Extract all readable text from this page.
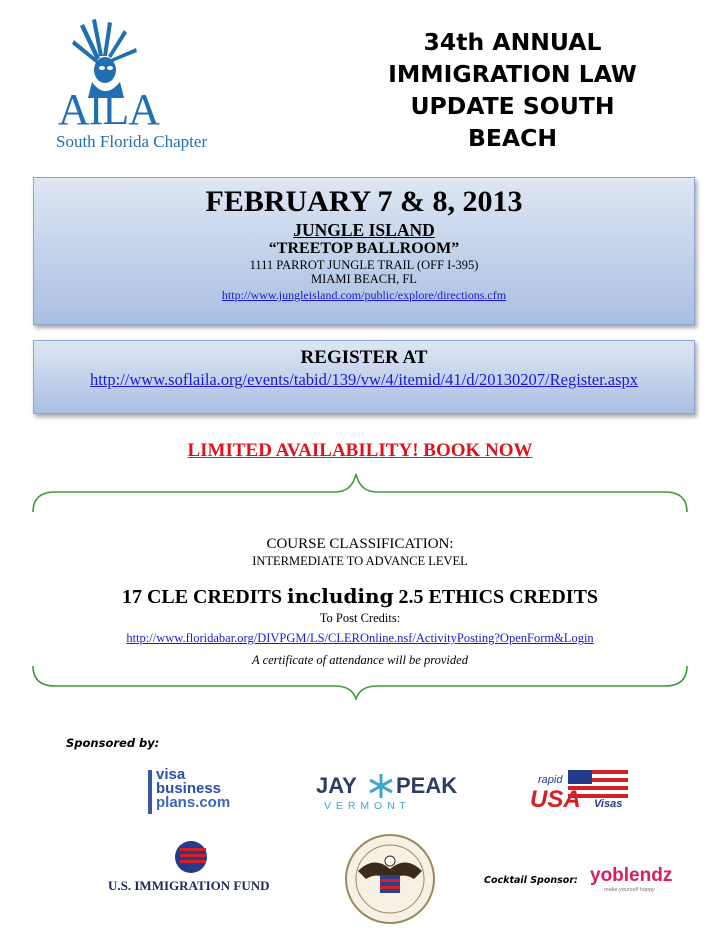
AILA
South Florida Chapter
34th ANNUAL
IMMIGRATION LAW
UPDATE SOUTH
BEACH
FEBRUARY 7 & 8, 2013
JUNGLE ISLAND
“TREETOP BALLROOM”
1111 PARROT JUNGLE TRAIL (OFF I-395)
MIAMI BEACH, FL
http://www.jungleisland.com/public/explore/directions.cfm
REGISTER AT
http://www.soflaila.org/events/tabid/139/vw/4/itemid/41/d/20130207/Register.aspx
LIMITED AVAILABILITY! BOOK NOW
COURSE CLASSIFICATION:
INTERMEDIATE TO ADVANCE LEVEL
17 CLE CREDITS including 2.5 ETHICS CREDITS
To Post Credits:
http://www.floridabar.org/DIVPGM/LS/CLEROnline.nsf/ActivityPosting?OpenForm&Login
A certificate of attendance will be provided
Sponsored by:
visa
business
plans.com
JAY PEAK
V E R M O N T
rapid
USA Visas
U.S. IMMIGRATION FUND	Cocktail Sponsor: yoblendz
make yourself happy
